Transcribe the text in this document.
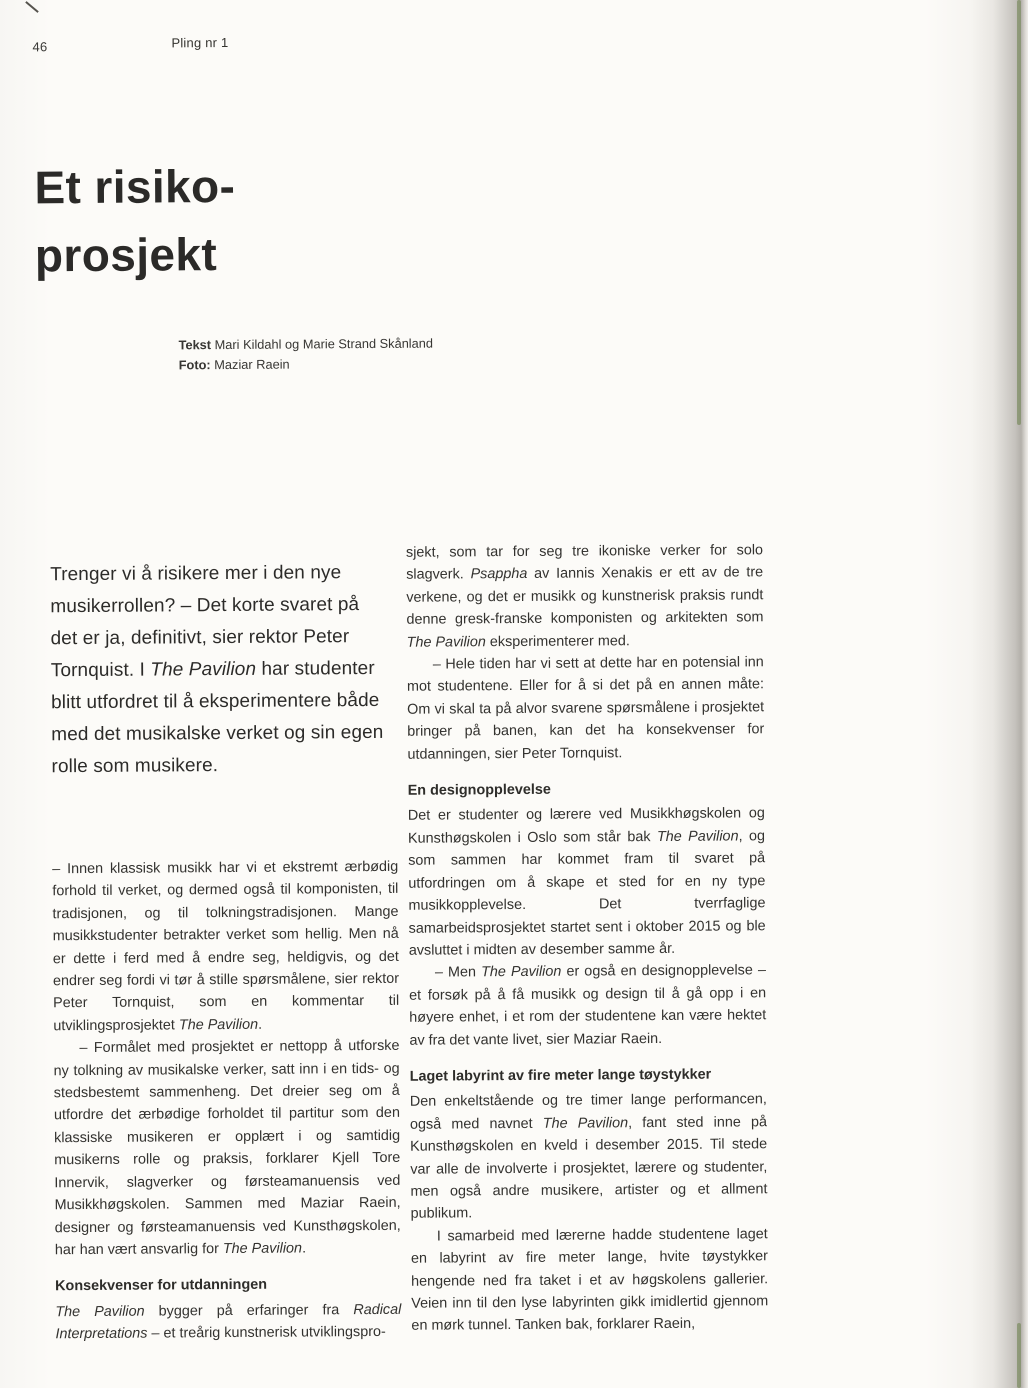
46	Pling nr 1
Et risiko-
prosjekt
Tekst Mari Kildahl og Marie Strand Skånland
Foto: Maziar Raein

Trenger vi å risikere mer i den nye musikerrollen? – Det korte svaret på det er ja, definitivt, sier rektor Peter Tornquist. I The Pavilion har studenter blitt utfordret til å eksperimentere både med det musikalske verket og sin egen rolle som musikere.

– Innen klassisk musikk har vi et ekstremt ærbødig forhold til verket, og dermed også til komponisten, til tradisjonen, og til tolkningstradisjonen. Mange musikkstudenter betrakter verket som hellig. Men nå er dette i ferd med å endre seg, heldigvis, og det endrer seg fordi vi tør å stille spørsmålene, sier rektor Peter Tornquist, som en kommentar til utviklingsprosjektet The Pavilion.

– Formålet med prosjektet er nettopp å utforske ny tolkning av musikalske verker, satt inn i en tids- og stedsbestemt sammenheng. Det dreier seg om å utfordre det ærbødige forholdet til partitur som den klassiske musikeren er opplært i og samtidig musikerns rolle og praksis, forklarer Kjell Tore Innervik, slagverker og førsteamanuensis ved Musikkhøgskolen. Sammen med Maziar Raein, designer og førsteamanuensis ved Kunsthøgskolen, har han vært ansvarlig for The Pavilion.

Konsekvenser for utdanningen

The Pavilion bygger på erfaringer fra Radical Interpretations – et treårig kunstnerisk utviklingspro-

sjekt, som tar for seg tre ikoniske verker for solo slagverk. Psappha av Iannis Xenakis er ett av de tre verkene, og det er musikk og kunstnerisk praksis rundt denne gresk-franske komponisten og arkitekten som The Pavilion eksperimenterer med.

– Hele tiden har vi sett at dette har en potensial inn mot studentene. Eller for å si det på en annen måte: Om vi skal ta på alvor svarene spørsmålene i prosjektet bringer på banen, kan det ha konsekvenser for utdanningen, sier Peter Tornquist.

En designopplevelse

Det er studenter og lærere ved Musikkhøgskolen og Kunsthøgskolen i Oslo som står bak The Pavilion, og som sammen har kommet fram til svaret på utfordringen om å skape et sted for en ny type musikkopplevelse. Det tverrfaglige samarbeidsprosjektet startet sent i oktober 2015 og ble avsluttet i midten av desember samme år.

– Men The Pavilion er også en designopplevelse – et forsøk på å få musikk og design til å gå opp i en høyere enhet, i et rom der studentene kan være hektet av fra det vante livet, sier Maziar Raein.

Laget labyrint av fire meter lange tøystykker

Den enkeltstående og tre timer lange performancen, også med navnet The Pavilion, fant sted inne på Kunsthøgskolen en kveld i desember 2015. Til stede var alle de involverte i prosjektet, lærere og studenter, men også andre musikere, artister og et allment publikum.

I samarbeid med lærerne hadde studentene laget en labyrint av fire meter lange, hvite tøystykker hengende ned fra taket i et av høgskolens gallerier. Veien inn til den lyse labyrinten gikk imidlertid gjennom en mørk tunnel. Tanken bak, forklarer Raein,
